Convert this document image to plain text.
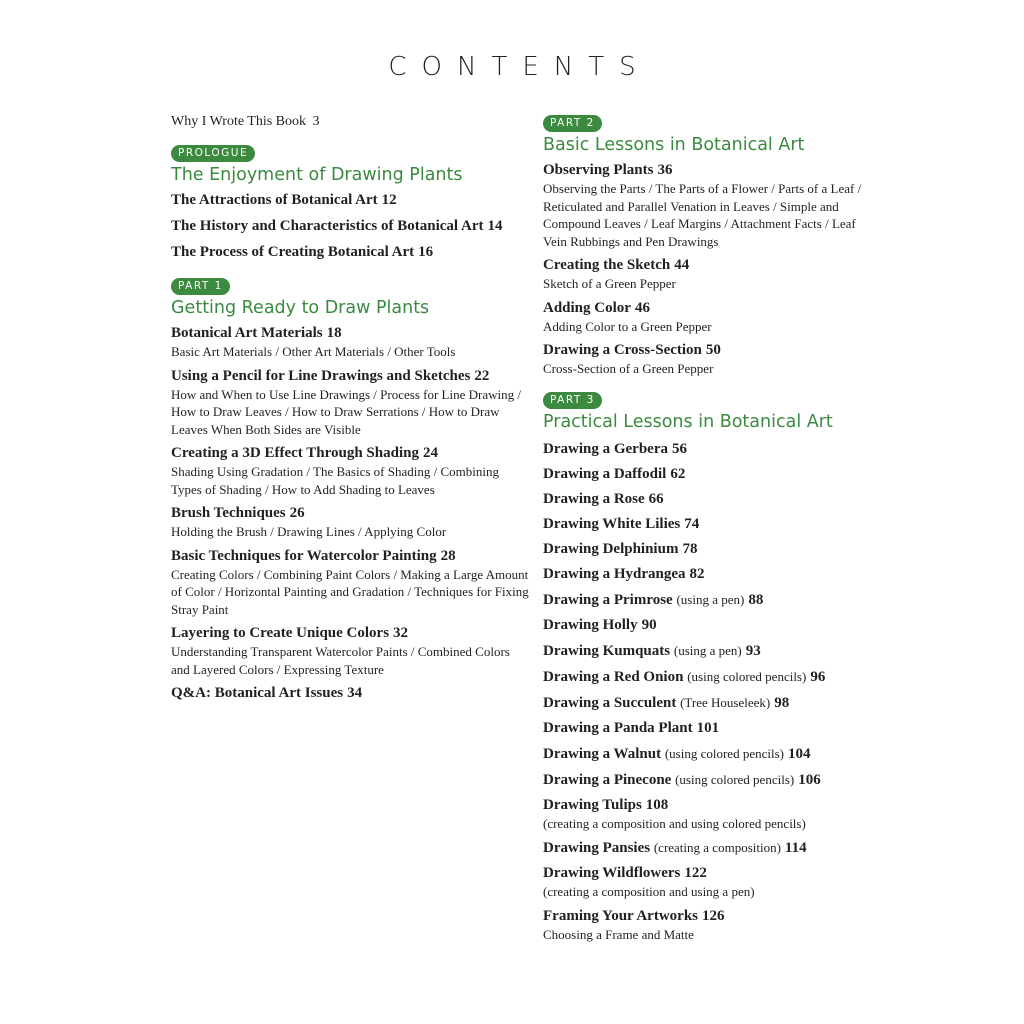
CONTENTS
Why I Wrote This Book 3
PROLOGUE
The Enjoyment of Drawing Plants
The Attractions of Botanical Art 12
The History and Characteristics of Botanical Art 14
The Process of Creating Botanical Art 16
PART 1
Getting Ready to Draw Plants
Botanical Art Materials 18
Basic Art Materials / Other Art Materials / Other Tools
Using a Pencil for Line Drawings and Sketches 22
How and When to Use Line Drawings / Process for Line Drawing / How to Draw Leaves / How to Draw Serrations / How to Draw Leaves When Both Sides are Visible
Creating a 3D Effect Through Shading 24
Shading Using Gradation / The Basics of Shading / Combining Types of Shading / How to Add Shading to Leaves
Brush Techniques 26
Holding the Brush / Drawing Lines / Applying Color
Basic Techniques for Watercolor Painting 28
Creating Colors / Combining Paint Colors / Making a Large Amount of Color / Horizontal Painting and Gradation / Techniques for Fixing Stray Paint
Layering to Create Unique Colors 32
Understanding Transparent Watercolor Paints / Combined Colors and Layered Colors / Expressing Texture
Q&A: Botanical Art Issues 34
PART 2
Basic Lessons in Botanical Art
Observing Plants 36
Observing the Parts / The Parts of a Flower / Parts of a Leaf / Reticulated and Parallel Venation in Leaves / Simple and Compound Leaves / Leaf Margins / Attachment Facts / Leaf Vein Rubbings and Pen Drawings
Creating the Sketch 44
Sketch of a Green Pepper
Adding Color 46
Adding Color to a Green Pepper
Drawing a Cross-Section 50
Cross-Section of a Green Pepper
PART 3
Practical Lessons in Botanical Art
Drawing a Gerbera 56
Drawing a Daffodil 62
Drawing a Rose 66
Drawing White Lilies 74
Drawing Delphinium 78
Drawing a Hydrangea 82
Drawing a Primrose (using a pen) 88
Drawing Holly 90
Drawing Kumquats (using a pen) 93
Drawing a Red Onion (using colored pencils) 96
Drawing a Succulent (Tree Houseleek) 98
Drawing a Panda Plant 101
Drawing a Walnut (using colored pencils) 104
Drawing a Pinecone (using colored pencils) 106
Drawing Tulips 108
(creating a composition and using colored pencils)
Drawing Pansies (creating a composition) 114
Drawing Wildflowers 122
(creating a composition and using a pen)
Framing Your Artworks 126
Choosing a Frame and Matte
